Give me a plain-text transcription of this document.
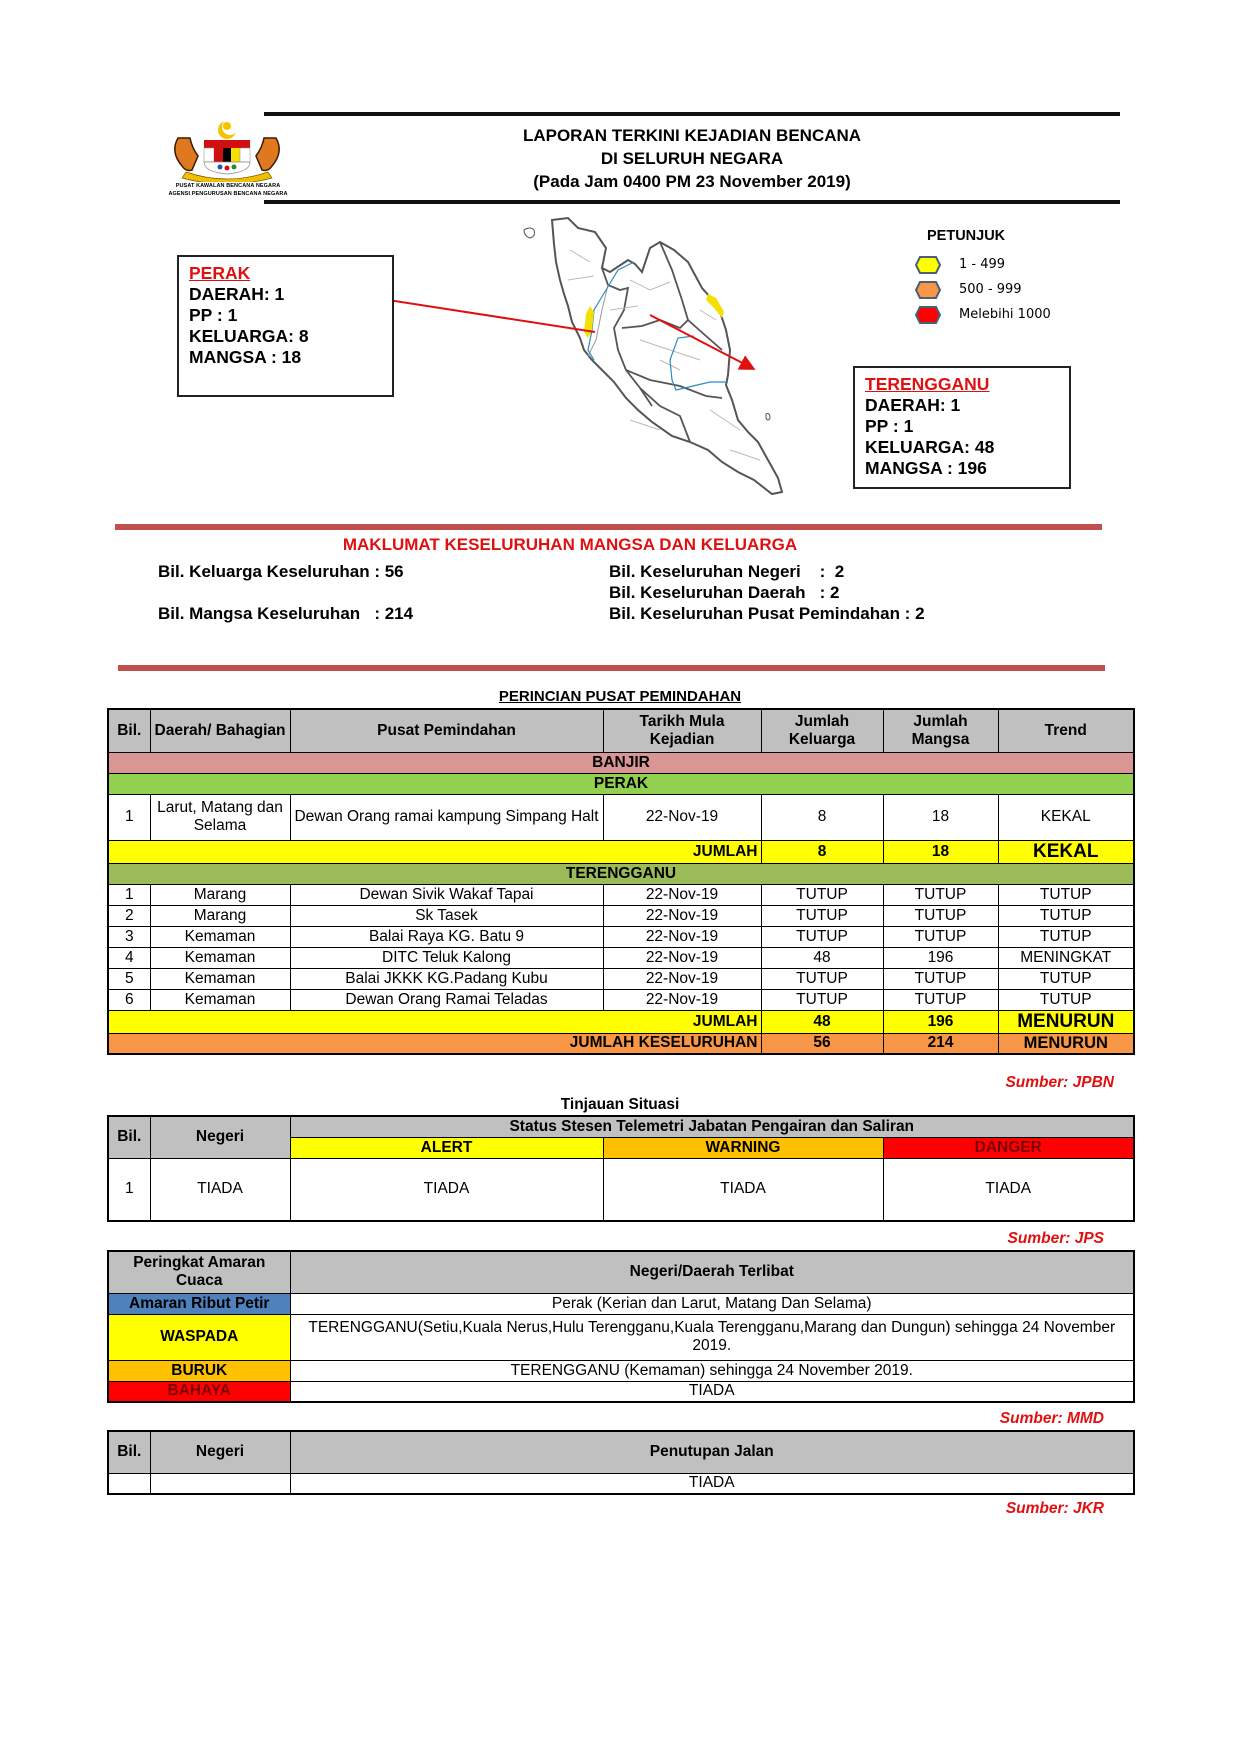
LAPORAN TERKINI KEJADIAN BENCANA
DI SELURUH NEGARA
(Pada Jam 0400 PM 23 November 2019)
PUSAT KAWALAN BENCANA NEGARA
AGENSI PENGURUSAN BENCANA NEGARA
PERAK
DAERAH: 1
PP : 1
KELUARGA: 8
MANGSA : 18
TERENGGANU
DAERAH: 1
PP : 1
KELUARGA: 48
MANGSA : 196
PETUNJUK
1 - 499
500 - 999
Melebihi 1000
MAKLUMAT KESELURUHAN MANGSA DAN KELUARGA
Bil. Keluarga Keseluruhan : 56
Bil. Mangsa Keseluruhan   : 214
Bil. Keseluruhan Negeri    :  2
Bil. Keseluruhan Daerah   : 2
Bil. Keseluruhan Pusat Pemindahan : 2
PERINCIAN PUSAT PEMINDAHAN
Bil.	Daerah/ Bahagian	Pusat Pemindahan	Tarikh Mula Kejadian	Jumlah Keluarga	Jumlah Mangsa	Trend
BANJIR						
PERAK						
1	Larut, Matang dan Selama	Dewan Orang ramai kampung Simpang Halt	22-Nov-19	8	18	KEKAL
JUMLAH				8	18	KEKAL
TERENGGANU						
1	Marang	Dewan Sivik Wakaf Tapai	22-Nov-19	TUTUP	TUTUP	TUTUP
2	Marang	Sk Tasek	22-Nov-19	TUTUP	TUTUP	TUTUP
3	Kemaman	Balai Raya KG. Batu 9	22-Nov-19	TUTUP	TUTUP	TUTUP
4	Kemaman	DITC Teluk Kalong	22-Nov-19	48	196	MENINGKAT
5	Kemaman	Balai JKKK KG.Padang Kubu	22-Nov-19	TUTUP	TUTUP	TUTUP
6	Kemaman	Dewan Orang Ramai Teladas	22-Nov-19	TUTUP	TUTUP	TUTUP
JUMLAH				48	196	MENURUN
JUMLAH KESELURUHAN				56	214	MENURUN
Sumber: JPBN
Tinjauan Situasi
Bil.	Negeri	Status Stesen Telemetri Jabatan Pengairan dan Saliran		
		ALERT	WARNING	DANGER
1	TIADA	TIADA	TIADA	TIADA
Sumber: JPS
Peringkat Amaran Cuaca	Negeri/Daerah Terlibat
Amaran Ribut Petir	Perak (Kerian dan Larut, Matang Dan Selama)
WASPADA	TERENGGANU(Setiu,Kuala Nerus,Hulu Terengganu,Kuala Terengganu,Marang dan Dungun) sehingga 24 November 2019.
BURUK	TERENGGANU (Kemaman) sehingga 24 November 2019.
BAHAYA	TIADA
Sumber: MMD
Bil.	Negeri	Penutupan Jalan
		TIADA
Sumber: JKR
